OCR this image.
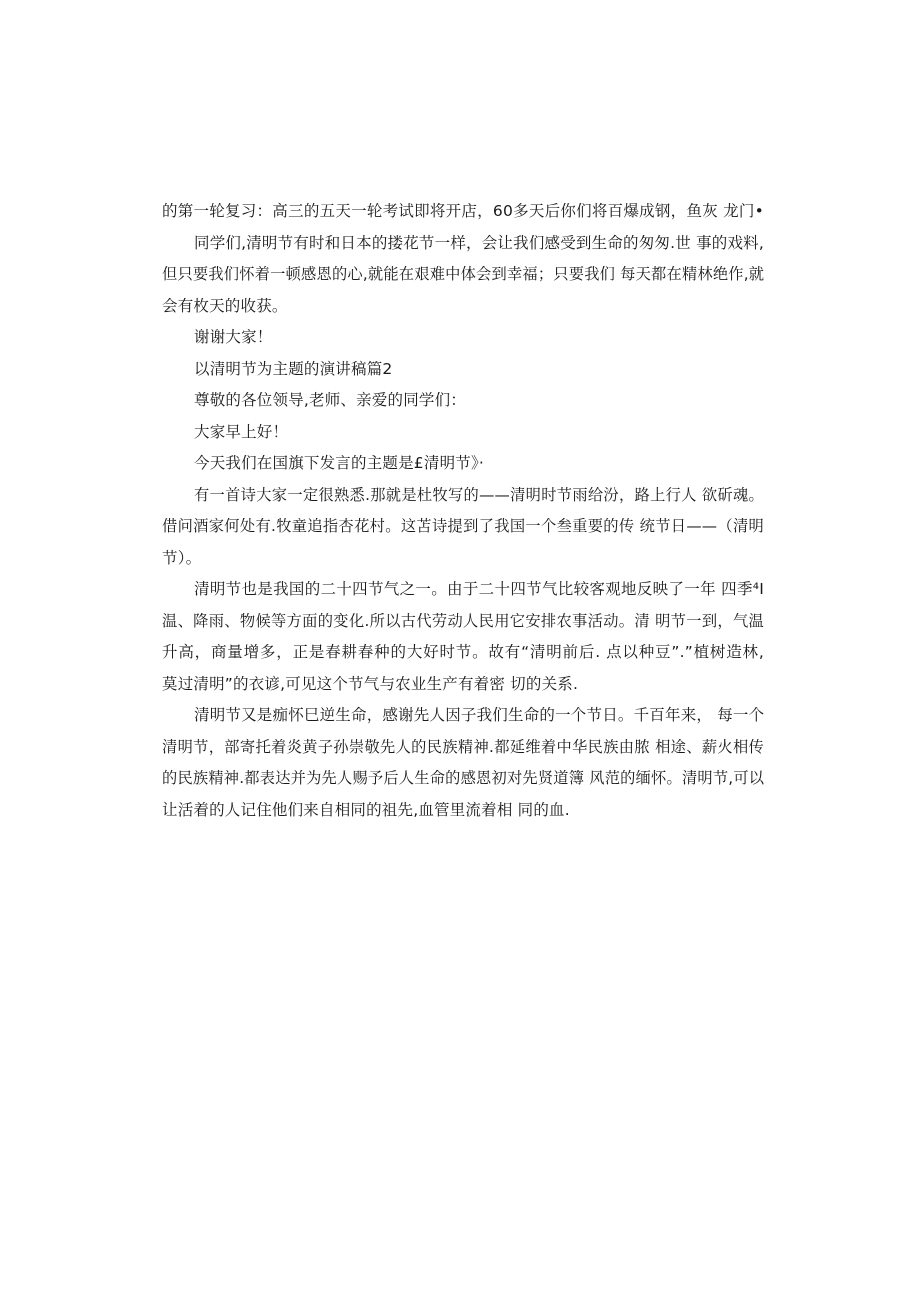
的第一轮复习：高三的五天一轮考试即将开店，60多天后你们将百爆成钢，鱼灰 龙门•
同学们,清明节有时和日本的搂花节一样，会让我们感受到生命的匆匆.世 事的戏料,
但只要我们怀着一顿感恩的心,就能在艰难中体会到幸福；只要我们 每天都在精林绝作,就
会有枚天的收获。
谢谢大家！
以清明节为主题的演讲稿篇2
尊敬的各位领导,老师、亲爱的同学们：
大家早上好！
今天我们在国旗下发言的主题是£清明节》·
有一首诗大家一定很熟悉.那就是杜牧写的——清明时节雨给汾，路上行人 欲斫魂。
借问酒家何处有.牧童追指杏花村。这苫诗提到了我国一个叁重要的传 统节日——（清明
节）。
清明节也是我国的二十四节气之一。由于二十四节气比较客观地反映了一年 四季⁴I
温、降雨、物候等方面的变化.所以古代劳动人民用它安排农事活动。清 明节一到，气温
升高，商量增多，正是春耕春种的大好时节。故有“清明前后. 点以种豆”.”植树造林,
莫过清明”的衣谚,可见这个节气与农业生产有着密 切的关系.
清明节又是痂怀巳逆生命，感谢先人因子我们生命的一个节日。千百年来， 每一个
清明节，部寄托着炎黄子孙崇敬先人的民族精神.都延维着中华民族由脓 相途、薪火相传
的民族精神.都表达并为先人赐予后人生命的感恩初对先贤道簿 风范的缅怀。清明节,可以
让活着的人记住他们来自相同的祖先,血管里流着相 同的血.
